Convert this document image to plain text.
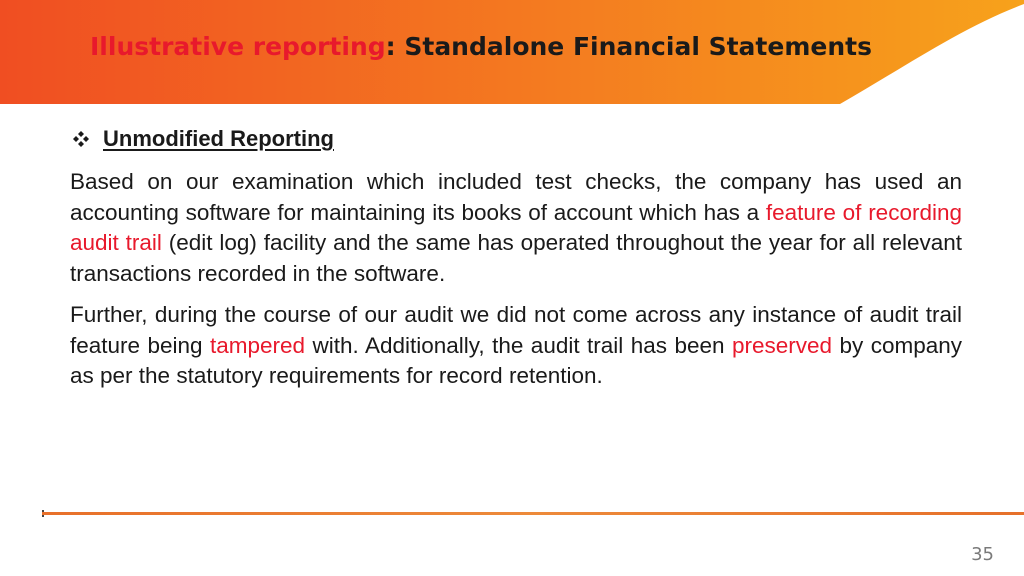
Illustrative reporting: Standalone Financial Statements
Unmodified Reporting

Based on our examination which included test checks, the company has used an accounting software for maintaining its books of account which has a feature of recording audit trail (edit log) facility and the same has operated throughout the year for all relevant transactions recorded in the software.

Further, during the course of our audit we did not come across any instance of audit trail feature being tampered with. Additionally, the audit trail has been preserved by company as per the statutory requirements for record retention.

35
